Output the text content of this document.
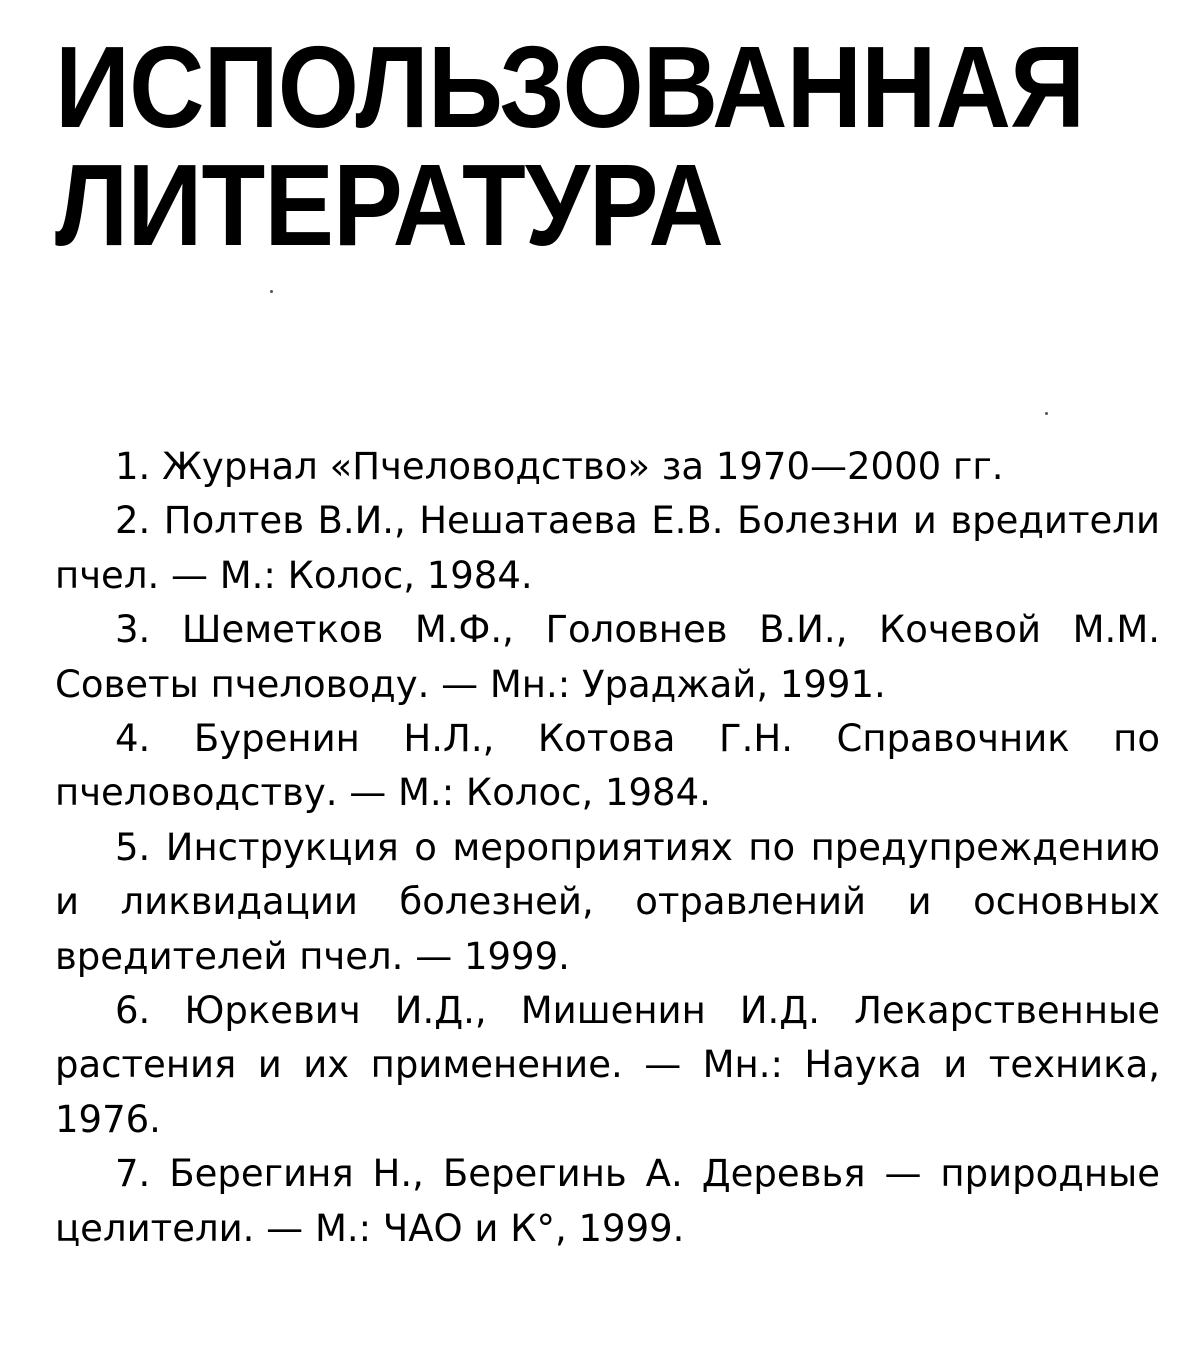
ИСПОЛЬЗОВАННАЯ
ЛИТЕРАТУРА
1. Журнал «Пчеловодство» за 1970—2000 гг.
2. Полтев В.И., Нешатаева Е.В. Болезни и вредители пчел. — М.: Колос, 1984.
3. Шеметков М.Ф., Головнев В.И., Кочевой М.М. Советы пчеловоду. — Мн.: Ураджай, 1991.
4. Буренин Н.Л., Котова Г.Н. Справочник по пчеловодству. — М.: Колос, 1984.
5. Инструкция о мероприятиях по предупреждению и ликвидации болезней, отравлений и основных вредителей пчел. — 1999.
6. Юркевич И.Д., Мишенин И.Д. Лекарственные растения и их применение. — Мн.: Наука и техника, 1976.
7. Берегиня Н., Берегинь А. Деревья — природные целители. — М.: ЧАО и К°, 1999.
